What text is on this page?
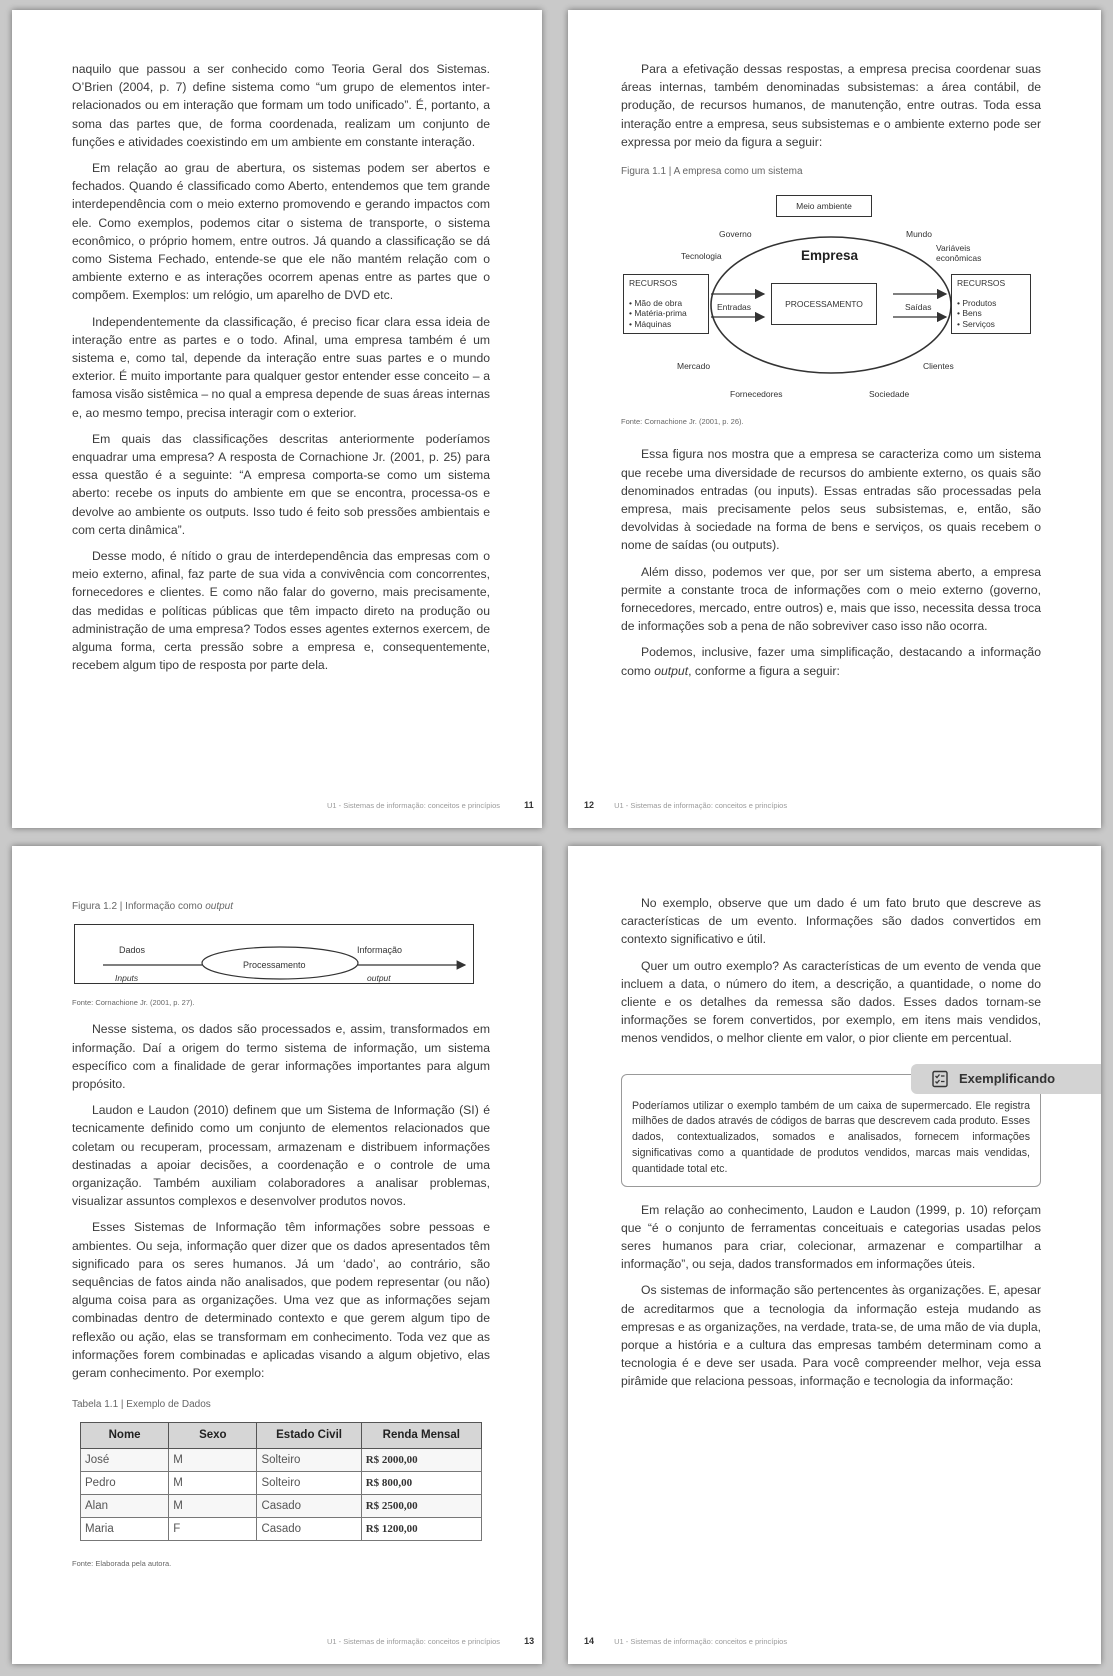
naquilo que passou a ser conhecido como Teoria Geral dos Sistemas. O’Brien (2004, p. 7) define sistema como “um grupo de elementos inter-relacionados ou em interação que formam um todo unificado”. É, portanto, a soma das partes que, de forma coordenada, realizam um conjunto de funções e atividades coexistindo em um ambiente em constante interação.

Em relação ao grau de abertura, os sistemas podem ser abertos e fechados. Quando é classificado como Aberto, entendemos que tem grande interdependência com o meio externo promovendo e gerando impactos com ele. Como exemplos, podemos citar o sistema de transporte, o sistema econômico, o próprio homem, entre outros. Já quando a classificação se dá como Sistema Fechado, entende-se que ele não mantém relação com o ambiente externo e as interações ocorrem apenas entre as partes que o compõem. Exemplos: um relógio, um aparelho de DVD etc.

Independentemente da classificação, é preciso ficar clara essa ideia de interação entre as partes e o todo. Afinal, uma empresa também é um sistema e, como tal, depende da interação entre suas partes e o mundo exterior. É muito importante para qualquer gestor entender esse conceito – a famosa visão sistêmica – no qual a empresa depende de suas áreas internas e, ao mesmo tempo, precisa interagir com o exterior.

Em quais das classificações descritas anteriormente poderíamos enquadrar uma empresa? A resposta de Cornachione Jr. (2001, p. 25) para essa questão é a seguinte: “A empresa comporta-se como um sistema aberto: recebe os inputs do ambiente em que se encontra, processa-os e devolve ao ambiente os outputs. Isso tudo é feito sob pressões ambientais e com certa dinâmica”.

Desse modo, é nítido o grau de interdependência das empresas com o meio externo, afinal, faz parte de sua vida a convivência com concorrentes, fornecedores e clientes. E como não falar do governo, mais precisamente, das medidas e políticas públicas que têm impacto direto na produção ou administração de uma empresa? Todos esses agentes externos exercem, de alguma forma, certa pressão sobre a empresa e, consequentemente, recebem algum tipo de resposta por parte dela.

U1 - Sistemas de informação: conceitos e princípios	11

Para a efetivação dessas respostas, a empresa precisa coordenar suas áreas internas, também denominadas subsistemas: a área contábil, de produção, de recursos humanos, de manutenção, entre outras. Toda essa interação entre a empresa, seus subsistemas e o ambiente externo pode ser expressa por meio da figura a seguir:

Figura 1.1 | A empresa como um sistema
Meio ambiente
Governo	Mundo
Tecnologia	Empresa	Variáveis
econômicas
RECURSOS
• Mão de obra
• Matéria-prima
• Máquinas
Entradas	PROCESSAMENTO	Saídas
RECURSOS
• Produtos
• Bens
• Serviços
Mercado	Clientes
Fornecedores	Sociedade
Fonte: Cornachione Jr. (2001, p. 26).

Essa figura nos mostra que a empresa se caracteriza como um sistema que recebe uma diversidade de recursos do ambiente externo, os quais são denominados entradas (ou inputs). Essas entradas são processadas pela empresa, mais precisamente pelos seus subsistemas, e, então, são devolvidas à sociedade na forma de bens e serviços, os quais recebem o nome de saídas (ou outputs).

Além disso, podemos ver que, por ser um sistema aberto, a empresa permite a constante troca de informações com o meio externo (governo, fornecedores, mercado, entre outros) e, mais que isso, necessita dessa troca de informações sob a pena de não sobreviver caso isso não ocorra.

Podemos, inclusive, fazer uma simplificação, destacando a informação como output, conforme a figura a seguir:

12	U1 - Sistemas de informação: conceitos e princípios
Figura 1.2 | Informação como output
Dados
Inputs
Processamento
Informação
output
Fonte: Cornachione Jr. (2001, p. 27).

Nesse sistema, os dados são processados e, assim, transformados em informação. Daí a origem do termo sistema de informação, um sistema específico com a finalidade de gerar informações importantes para algum propósito.

Laudon e Laudon (2010) definem que um Sistema de Informação (SI) é tecnicamente definido como um conjunto de elementos relacionados que coletam ou recuperam, processam, armazenam e distribuem informações destinadas a apoiar decisões, a coordenação e o controle de uma organização. Também auxiliam colaboradores a analisar problemas, visualizar assuntos complexos e desenvolver produtos novos.

Esses Sistemas de Informação têm informações sobre pessoas e ambientes. Ou seja, informação quer dizer que os dados apresentados têm significado para os seres humanos. Já um ‘dado’, ao contrário, são sequências de fatos ainda não analisados, que podem representar (ou não) alguma coisa para as organizações. Uma vez que as informações sejam combinadas dentro de determinado contexto e que gerem algum tipo de reflexão ou ação, elas se transformam em conhecimento. Toda vez que as informações forem combinadas e aplicadas visando a algum objetivo, elas geram conhecimento. Por exemplo:

Tabela 1.1 | Exemplo de Dados
Nome	Sexo	Estado Civil	Renda Mensal
José	M	Solteiro	R$ 2000,00
Pedro	M	Solteiro	R$ 800,00
Alan	M	Casado	R$ 2500,00
Maria	F	Casado	R$ 1200,00
Fonte: Elaborada pela autora.
U1 - Sistemas de informação: conceitos e princípios	13

No exemplo, observe que um dado é um fato bruto que descreve as características de um evento. Informações são dados convertidos em contexto significativo e útil.

Quer um outro exemplo? As características de um evento de venda que incluem a data, o número do item, a descrição, a quantidade, o nome do cliente e os detalhes da remessa são dados. Esses dados tornam-se informações se forem convertidos, por exemplo, em itens mais vendidos, menos vendidos, o melhor cliente em valor, o pior cliente em percentual.

Exemplificando
Poderíamos utilizar o exemplo também de um caixa de supermercado. Ele registra milhões de dados através de códigos de barras que descrevem cada produto. Esses dados, contextualizados, somados e analisados, fornecem informações significativas como a quantidade de produtos vendidos, marcas mais vendidas, quantidade total etc.

Em relação ao conhecimento, Laudon e Laudon (1999, p. 10) reforçam que “é o conjunto de ferramentas conceituais e categorias usadas pelos seres humanos para criar, colecionar, armazenar e compartilhar a informação”, ou seja, dados transformados em informações úteis.

Os sistemas de informação são pertencentes às organizações. E, apesar de acreditarmos que a tecnologia da informação esteja mudando as empresas e as organizações, na verdade, trata-se, de uma mão de via dupla, porque a história e a cultura das empresas também determinam como a tecnologia é e deve ser usada. Para você compreender melhor, veja essa pirâmide que relaciona pessoas, informação e tecnologia da informação:

14	U1 - Sistemas de informação: conceitos e princípios
